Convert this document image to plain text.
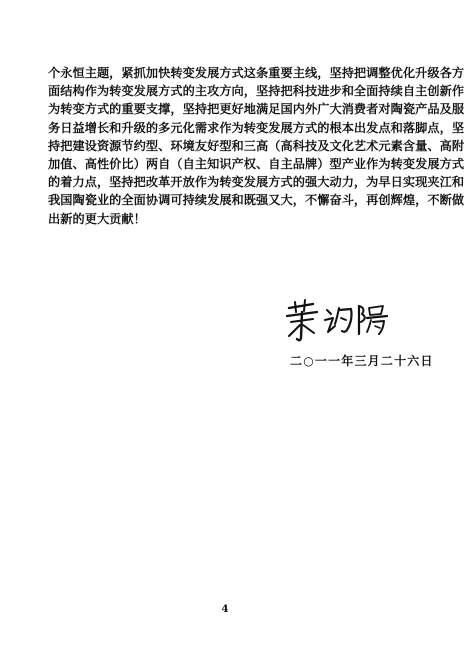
个永恒主题，紧抓加快转变发展方式这条重要主线，坚持把调整优化升级各方
面结构作为转变发展方式的主攻方向，坚持把科技进步和全面持续自主创新作
为转变方式的重要支撑，坚持把更好地满足国内外广大消费者对陶瓷产品及服
务日益增长和升级的多元化需求作为转变发展方式的根本出发点和落脚点，坚
持把建设资源节约型、环境友好型和三高（高科技及文化艺术元素含量、高附
加值、高性价比）两自（自主知识产权、自主品牌）型产业作为转变发展方式
的着力点，坚持把改革开放作为转变发展方式的强大动力，为早日实现夹江和
我国陶瓷业的全面协调可持续发展和既强又大，不懈奋斗，再创辉煌，不断做
出新的更大贡献！
二○一一年三月二十六日
4
